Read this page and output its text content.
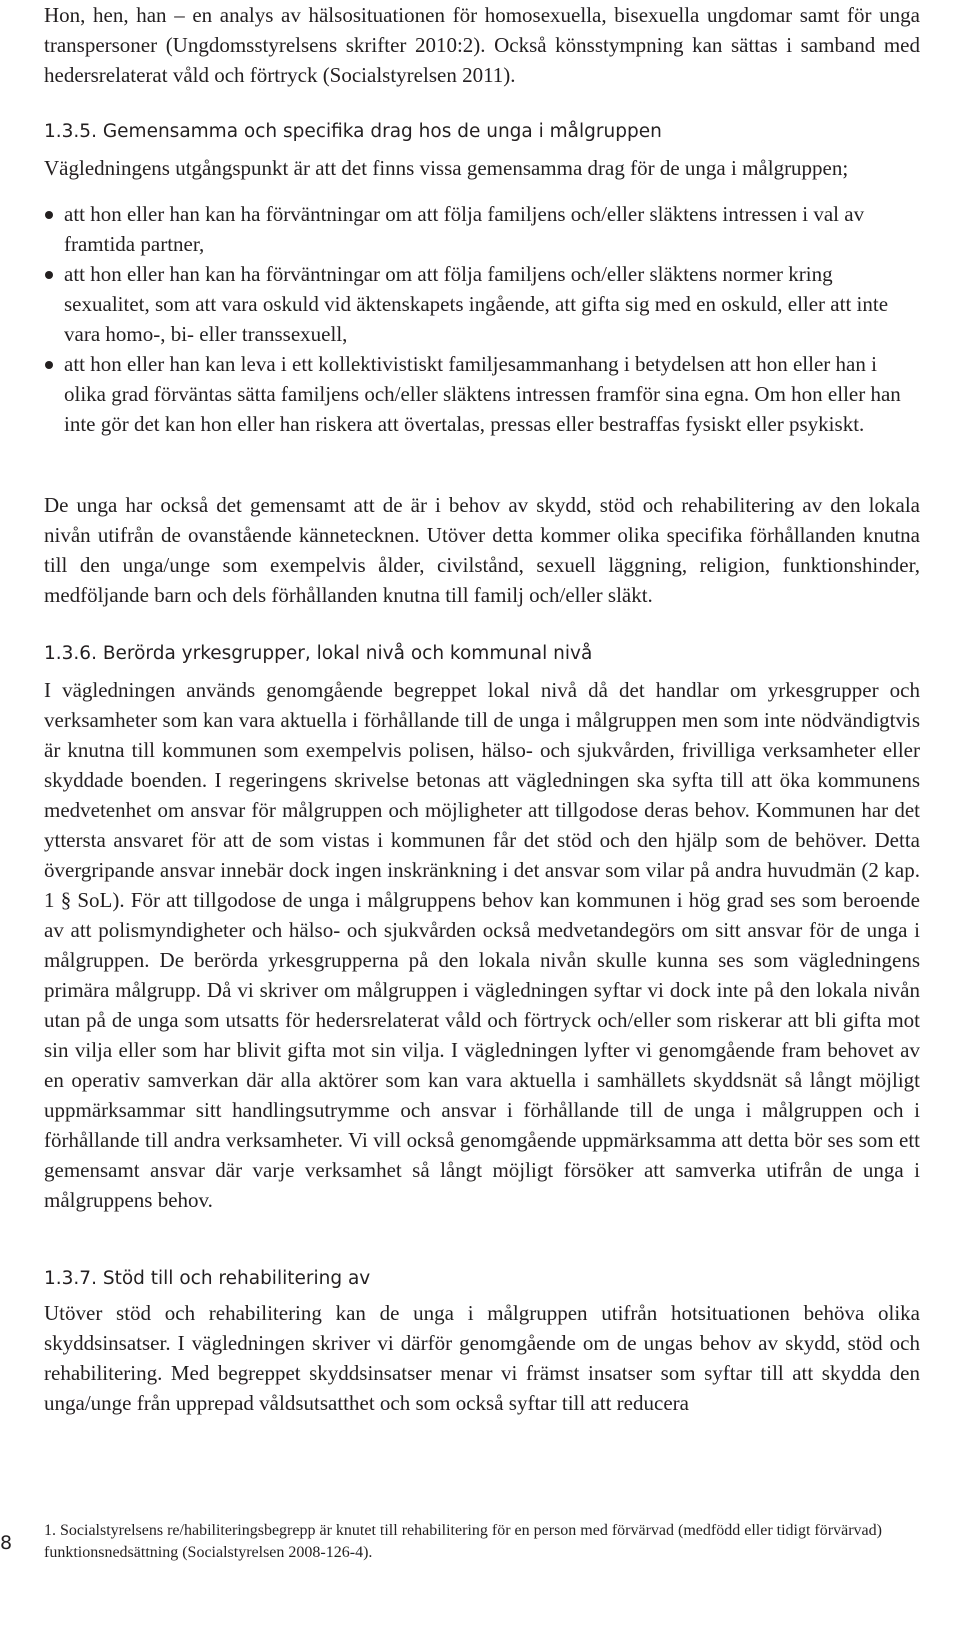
Hon, hen, han – en analys av hälsosituationen för homosexuella, bisexuella ungdomar samt för unga transpersoner (Ungdomsstyrelsens skrifter 2010:2). Också könsstympning kan sättas i samband med hedersrelaterat våld och förtryck (Socialstyrelsen 2011).

1.3.5. Gemensamma och specifika drag hos de unga i målgruppen

Vägledningens utgångspunkt är att det finns vissa gemensamma drag för de unga i målgruppen;

att hon eller han kan ha förväntningar om att följa familjens och/eller släktens intressen i val av framtida partner,
att hon eller han kan ha förväntningar om att följa familjens och/eller släktens normer kring sexualitet, som att vara oskuld vid äktenskapets ingående, att gifta sig med en oskuld, eller att inte vara homo-, bi- eller transsexuell,
att hon eller han kan leva i ett kollektivistiskt familjesammanhang i betydelsen att hon eller han i olika grad förväntas sätta familjens och/eller släktens intressen framför sina egna. Om hon eller han inte gör det kan hon eller han riskera att övertalas, pressas eller bestraffas fysiskt eller psykiskt.

De unga har också det gemensamt att de är i behov av skydd, stöd och rehabilitering av den lokala nivån utifrån de ovanstående kännetecknen. Utöver detta kommer olika specifika förhållanden knutna till den unga/unge som exempelvis ålder, civilstånd, sexuell läggning, religion, funktionshinder, medföljande barn och dels förhållanden knutna till familj och/eller släkt.

1.3.6. Berörda yrkesgrupper, lokal nivå och kommunal nivå

I vägledningen används genomgående begreppet lokal nivå då det handlar om yrkesgrupper och verksamheter som kan vara aktuella i förhållande till de unga i målgruppen men som inte nödvändigtvis är knutna till kommunen som exempelvis polisen, hälso- och sjukvården, frivilliga verksamheter eller skyddade boenden. I regeringens skrivelse betonas att vägledningen ska syfta till att öka kommunens medvetenhet om ansvar för målgruppen och möjligheter att tillgodose deras behov. Kommunen har det yttersta ansvaret för att de som vistas i kommunen får det stöd och den hjälp som de behöver. Detta övergripande ansvar innebär dock ingen inskränkning i det ansvar som vilar på andra huvudmän (2 kap. 1 § SoL). För att tillgodose de unga i målgruppens behov kan kommunen i hög grad ses som beroende av att polismyndigheter och hälso- och sjukvården också medvetandegörs om sitt ansvar för de unga i målgruppen. De berörda yrkesgrupperna på den lokala nivån skulle kunna ses som vägledningens primära målgrupp. Då vi skriver om målgruppen i vägledningen syftar vi dock inte på den lokala nivån utan på de unga som utsatts för hedersrelaterat våld och förtryck och/eller som riskerar att bli gifta mot sin vilja eller som har blivit gifta mot sin vilja. I vägledningen lyfter vi genomgående fram behovet av en operativ samverkan där alla aktörer som kan vara aktuella i samhällets skyddsnät så långt möjligt uppmärksammar sitt handlingsutrymme och ansvar i förhållande till de unga i målgruppen och i förhållande till andra verksamheter. Vi vill också genomgående uppmärksamma att detta bör ses som ett gemensamt ansvar där varje verksamhet så långt möjligt försöker att samverka utifrån de unga i målgruppens behov.

1.3.7. Stöd till och rehabilitering av

Utöver stöd och rehabilitering kan de unga i målgruppen utifrån hotsituationen behöva olika skyddsinsatser. I vägledningen skriver vi därför genomgående om de ungas behov av skydd, stöd och rehabilitering. Med begreppet skyddsinsatser menar vi främst insatser som syftar till att skydda den unga/unge från upprepad våldsutsatthet och som också syftar till att reducera

8

1. Socialstyrelsens re/habiliteringsbegrepp är knutet till rehabilitering för en person med förvärvad (medfödd eller tidigt förvärvad) funktionsnedsättning (Socialstyrelsen 2008-126-4).
